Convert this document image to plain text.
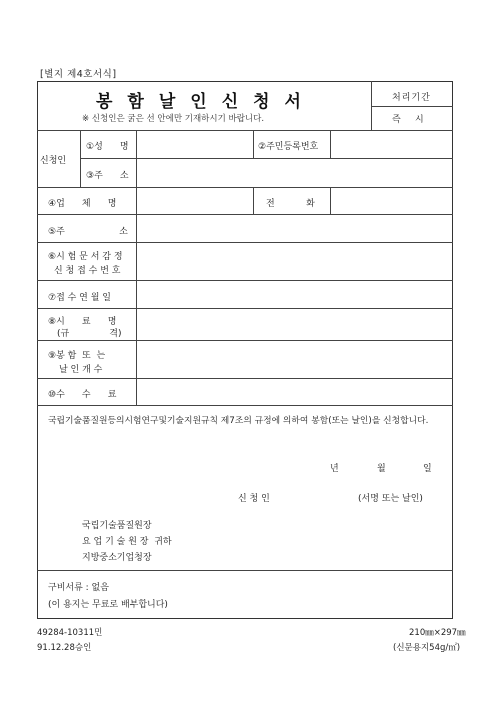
[별지 제4호서식]
봉함날인신청서
※ 신청인은 굵은 선 안에만 기재하시기 바랍니다.
처리기간
즉     시
신청인
①성      명	②주민등록번호
③주      소
④업      체      명	전           화
⑤주                   소
⑥시 험 문 서 감 정
신 청 접 수 번 호
⑦접 수 연 월 일
⑧시      료      명
(규              격)
⑨봉 함  또  는
날 인 개 수
⑩수      수      료
국립기술품질원등의시험연구및기술지원규칙 제7조의 규정에 의하여 봉함(또는 날인)을 신청합니다.
년	월	일
신 청 인	(서명 또는 날인)
국립기술품질원장
요 업 기 술 원 장  귀하
지방중소기업청장
구비서류 : 없음
(이 용지는 무료로 배부합니다)
49284-10311민
91.12.28승인
210㎜×297㎜
(신문용지54g/㎡)
